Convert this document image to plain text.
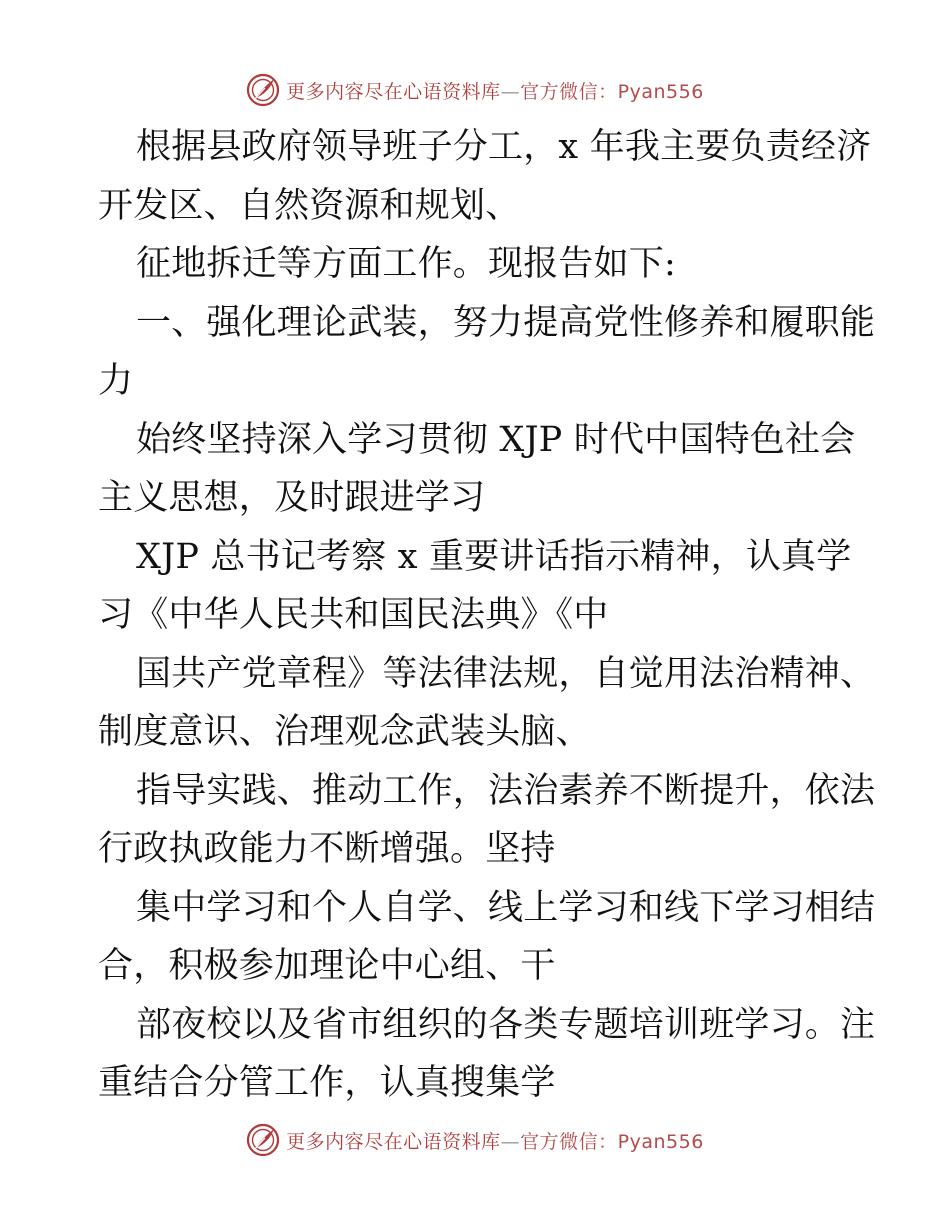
更多内容尽在心语资料库—官方微信：Pyan556
根据县政府领导班子分工，x 年我主要负责经济
开发区、自然资源和规划、
征地拆迁等方面工作。现报告如下:
一、强化理论武装，努力提高党性修养和履职能
力
始终坚持深入学习贯彻 XJP 时代中国特色社会
主义思想，及时跟进学习
XJP 总书记考察 x 重要讲话指示精神，认真学
习《中华人民共和国民法典》《中
国共产党章程》等法律法规，自觉用法治精神、
制度意识、治理观念武装头脑、
指导实践、推动工作，法治素养不断提升，依法
行政执政能力不断增强。坚持
集中学习和个人自学、线上学习和线下学习相结
合，积极参加理论中心组、干
部夜校以及省市组织的各类专题培训班学习。注
重结合分管工作，认真搜集学
更多内容尽在心语资料库—官方微信：Pyan556
